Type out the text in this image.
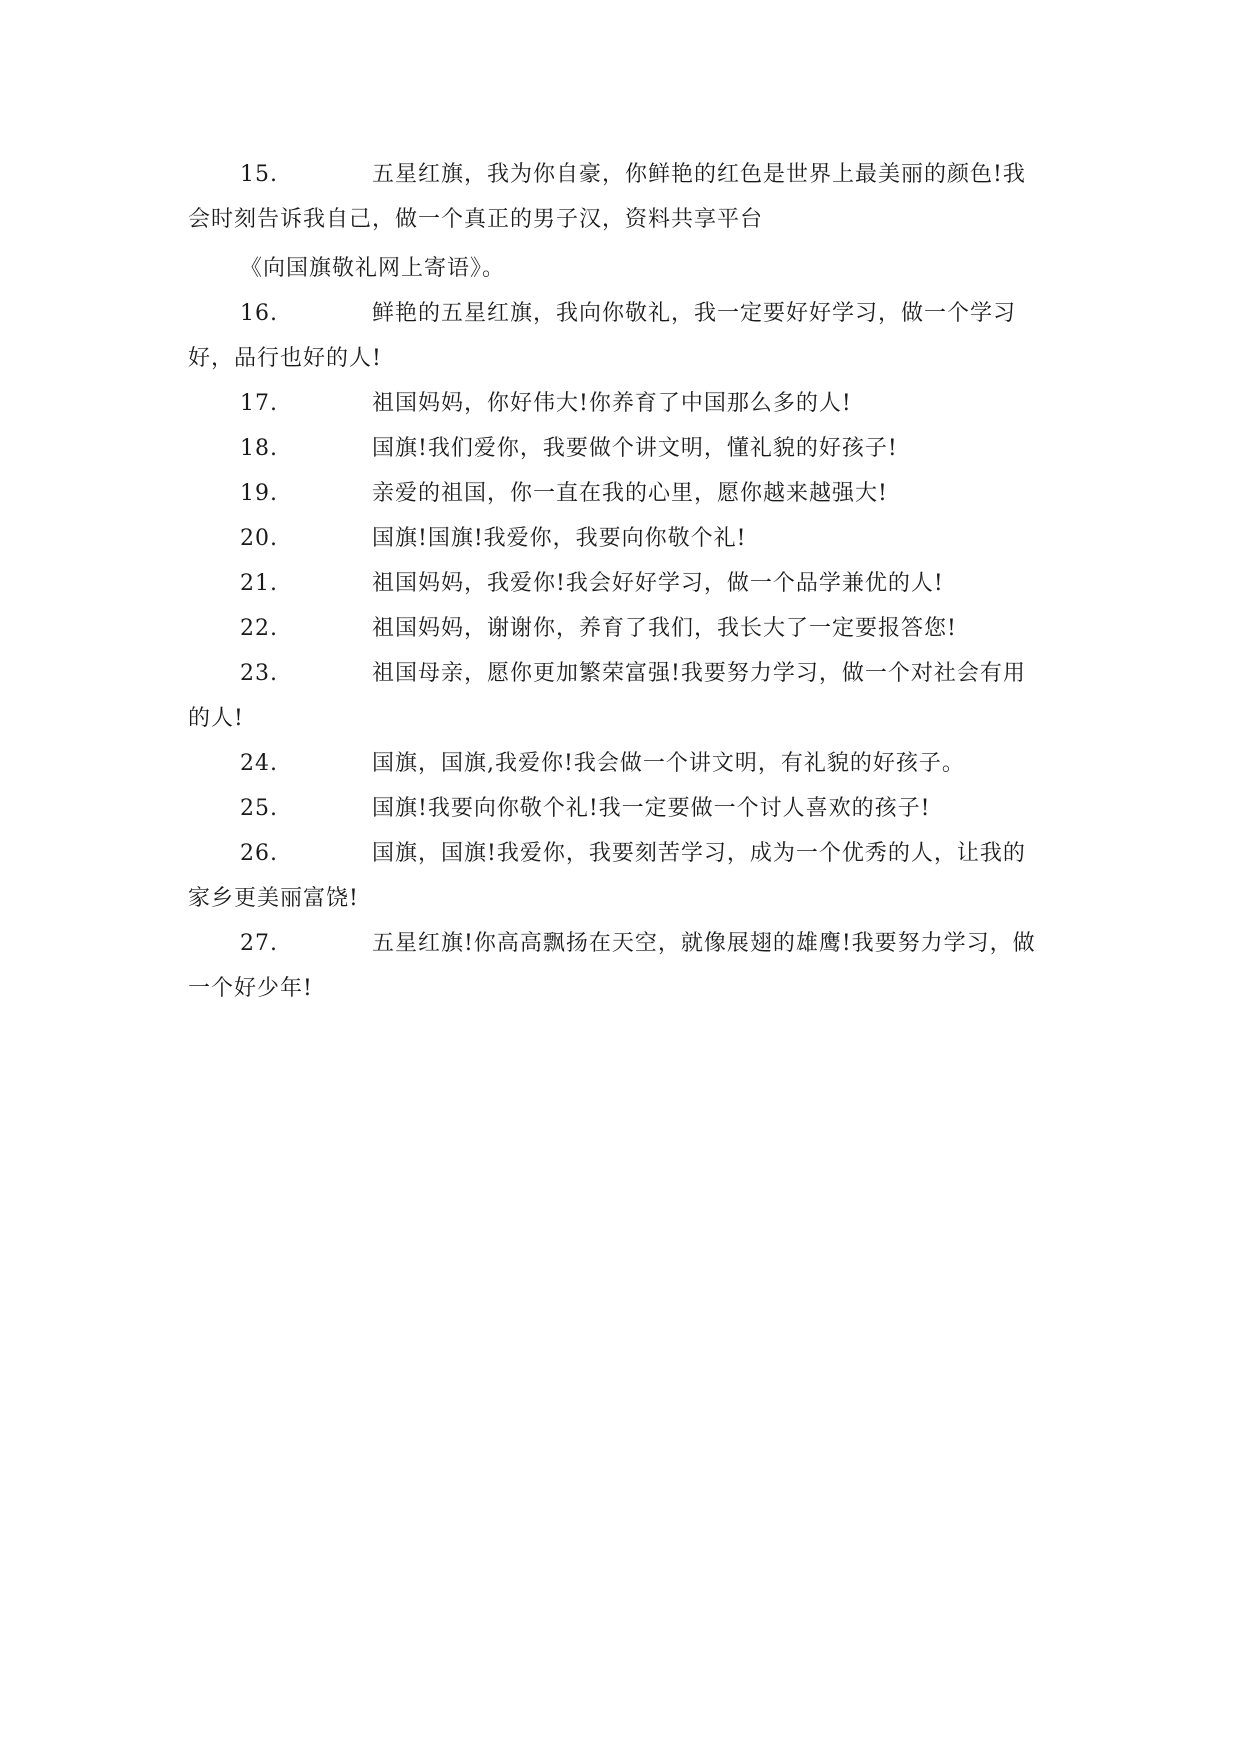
15.	五星红旗，我为你自豪，你鲜艳的红色是世界上最美丽的颜色!我
会时刻告诉我自己，做一个真正的男子汉，资料共享平台
《向国旗敬礼网上寄语》。
16.	鲜艳的五星红旗，我向你敬礼，我一定要好好学习，做一个学习
好，品行也好的人!
17.	祖国妈妈，你好伟大!你养育了中国那么多的人!
18.	国旗!我们爱你，我要做个讲文明，懂礼貌的好孩子!
19.	亲爱的祖国，你一直在我的心里，愿你越来越强大!
20.	国旗!国旗!我爱你，我要向你敬个礼!
21.	祖国妈妈，我爱你!我会好好学习，做一个品学兼优的人!
22.	祖国妈妈，谢谢你，养育了我们，我长大了一定要报答您!
23.	祖国母亲，愿你更加繁荣富强!我要努力学习，做一个对社会有用
的人!
24.	国旗，国旗,我爱你!我会做一个讲文明，有礼貌的好孩子。
25.	国旗!我要向你敬个礼!我一定要做一个讨人喜欢的孩子!
26.	国旗，国旗!我爱你，我要刻苦学习，成为一个优秀的人，让我的
家乡更美丽富饶!
27.	五星红旗!你高高飘扬在天空，就像展翅的雄鹰!我要努力学习，做
一个好少年!
